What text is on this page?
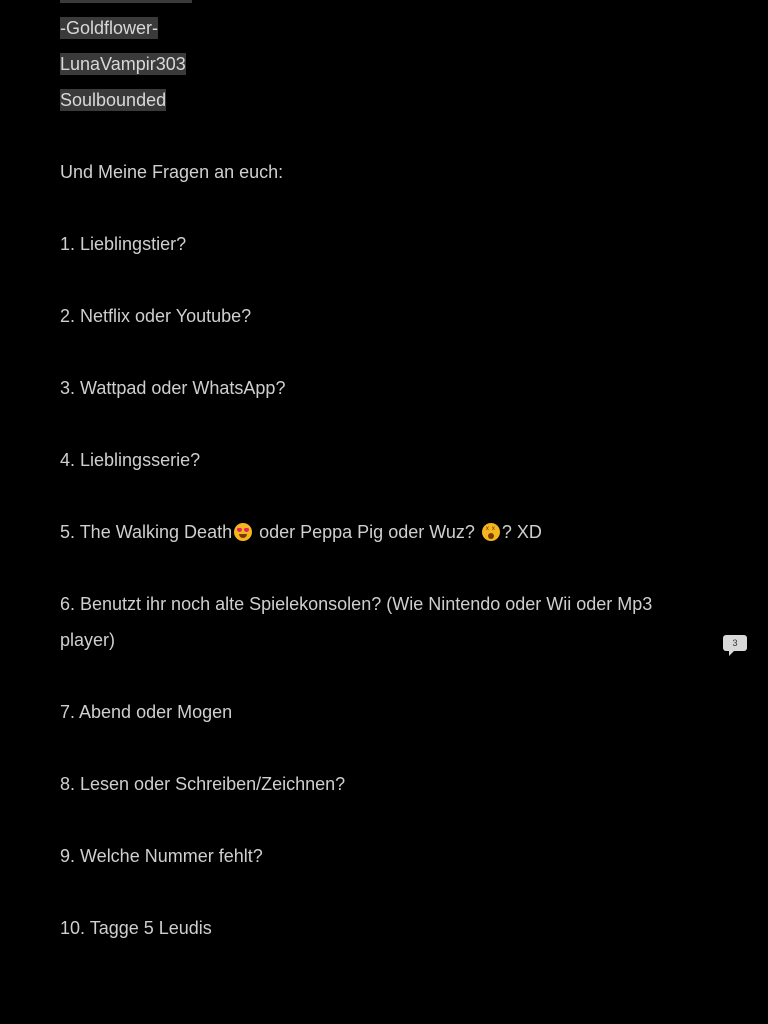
-Goldflower-
LunaVampir303
Soulbounded
Und Meine Fragen an euch:
1. Lieblingstier?
2. Netflix oder Youtube?
3. Wattpad oder WhatsApp?
4. Lieblingsserie?
5. The Walking Death
oder Peppa Pig oder Wuz? x x ? XD
6. Benutzt ihr noch alte Spielekonsolen? (Wie Nintendo oder Wii oder Mp3
player)	3
7. Abend oder Mogen
8. Lesen oder Schreiben/Zeichnen?
9. Welche Nummer fehlt?
10. Tagge 5 Leudis
